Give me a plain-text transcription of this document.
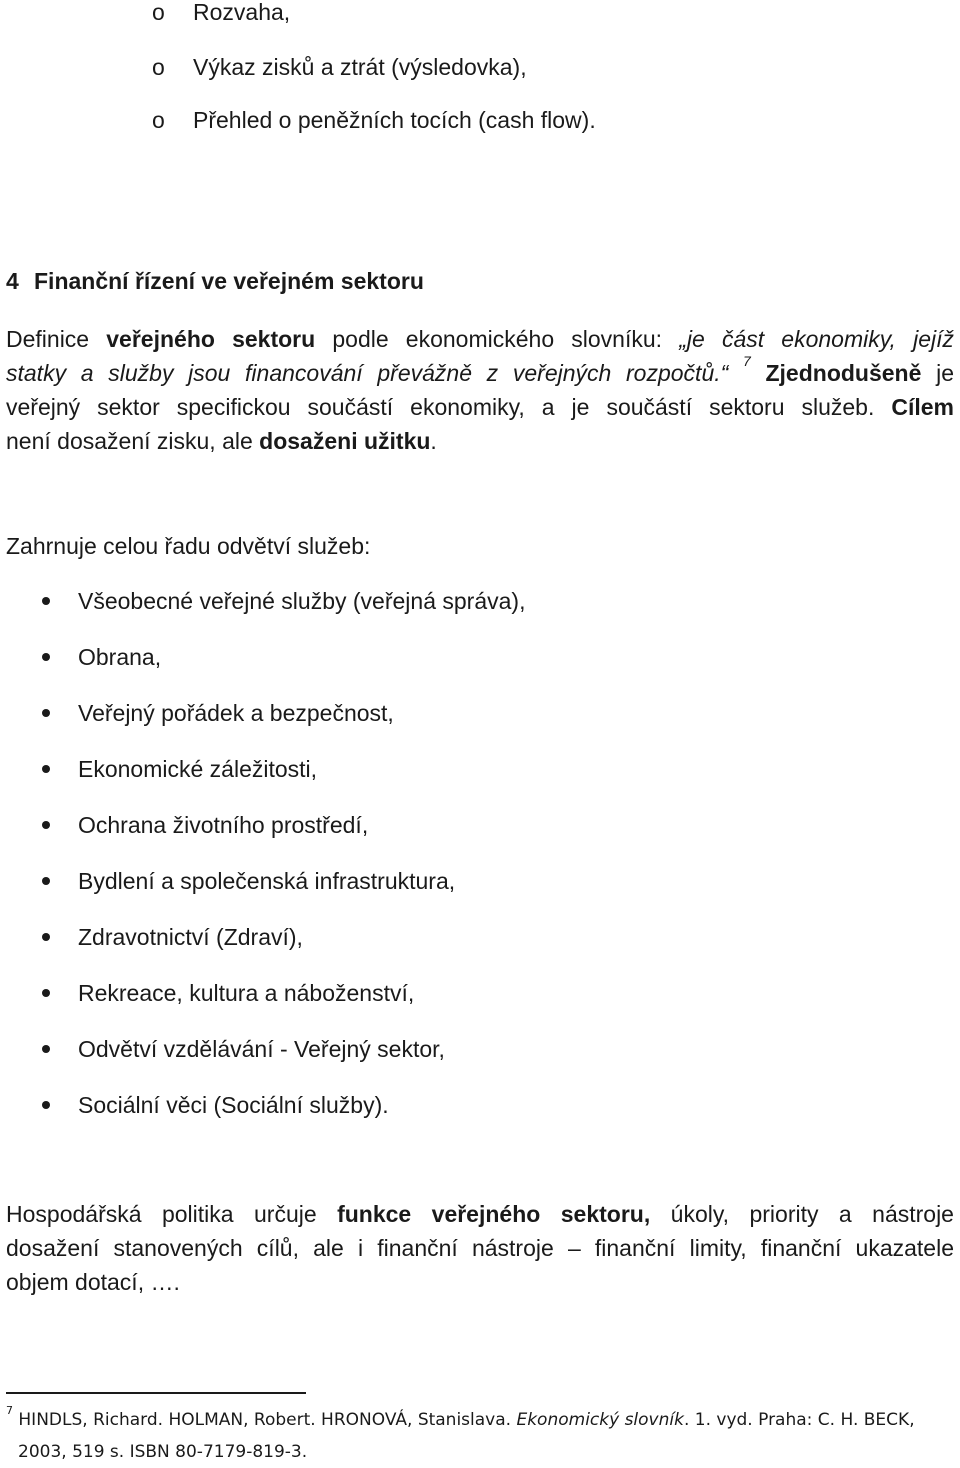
o Rozvaha,
o Výkaz zisků a ztrát (výsledovka),
o Přehled o peněžních tocích (cash flow).
4 Finanční řízení ve veřejném sektoru
Definice veřejného sektoru podle ekonomického slovníku: „je část ekonomiky, jejíž
statky a služby jsou financování převážně z veřejných rozpočtů.“ $^7$ Zjednodušeně je
veřejný sektor specifickou součástí ekonomiky, a je součástí sektoru služeb. Cílem
není dosažení zisku, ale dosaženi užitku.
Zahrnuje celou řadu odvětví služeb:
Všeobecné veřejné služby (veřejná správa),
Obrana,
Veřejný pořádek a bezpečnost,
Ekonomické záležitosti,
Ochrana životního prostředí,
Bydlení a společenská infrastruktura,
Zdravotnictví (Zdraví),
Rekreace, kultura a náboženství,
Odvětví vzdělávání - Veřejný sektor,
Sociální věci (Sociální služby).
Hospodářská politika určuje funkce veřejného sektoru, úkoly, priority a nástroje
dosažení stanovených cílů, ale i finanční nástroje – finanční limity, finanční ukazatele
objem dotací, ….
$^7$ HINDLS, Richard. HOLMAN, Robert. HRONOVÁ, Stanislava. Ekonomický slovník. 1. vyd. Praha: C. H. BECK,
2003, 519 s. ISBN 80-7179-819-3.
